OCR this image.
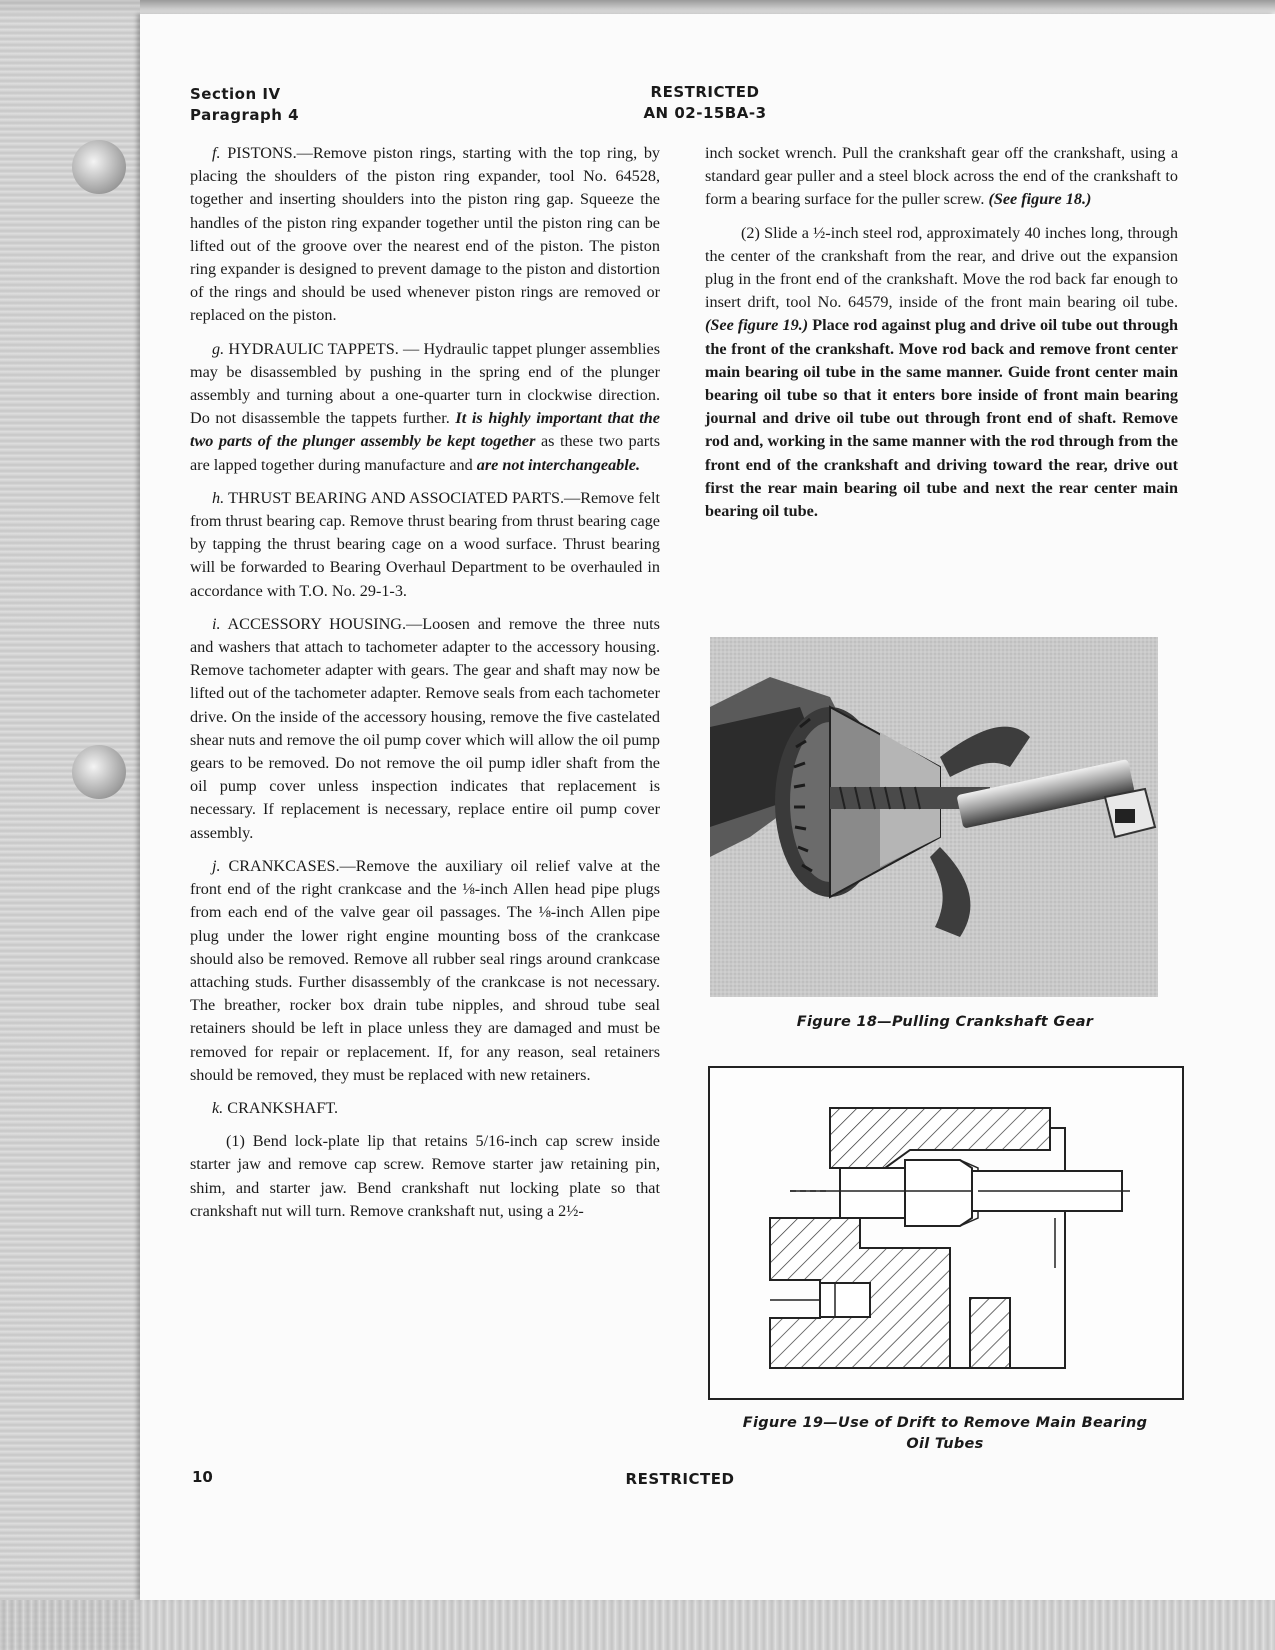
Section IV
Paragraph 4
RESTRICTED
AN 02-15BA-3

f. PISTONS.—Remove piston rings, starting with the top ring, by placing the shoulders of the piston ring expander, tool No. 64528, together and inserting shoulders into the piston ring gap. Squeeze the handles of the piston ring expander together until the piston ring can be lifted out of the groove over the nearest end of the piston. The piston ring expander is designed to prevent damage to the piston and distortion of the rings and should be used whenever piston rings are removed or replaced on the piston.

g. HYDRAULIC TAPPETS. — Hydraulic tappet plunger assemblies may be disassembled by pushing in the spring end of the plunger assembly and turning about a one-quarter turn in clockwise direction. Do not disassemble the tappets further. It is highly important that the two parts of the plunger assembly be kept together as these two parts are lapped together during manufacture and are not interchangeable.

h. THRUST BEARING AND ASSOCIATED PARTS.—Remove felt from thrust bearing cap. Remove thrust bearing from thrust bearing cage by tapping the thrust bearing cage on a wood surface. Thrust bearing will be forwarded to Bearing Overhaul Department to be overhauled in accordance with T.O. No. 29-1-3.

i. ACCESSORY HOUSING.—Loosen and remove the three nuts and washers that attach to tachometer adapter to the accessory housing. Remove tachometer adapter with gears. The gear and shaft may now be lifted out of the tachometer adapter. Remove seals from each tachometer drive. On the inside of the accessory housing, remove the five castelated shear nuts and remove the oil pump cover which will allow the oil pump gears to be removed. Do not remove the oil pump idler shaft from the oil pump cover unless inspection indicates that replacement is necessary. If replacement is necessary, replace entire oil pump cover assembly.

j. CRANKCASES.—Remove the auxiliary oil relief valve at the front end of the right crankcase and the ⅛-inch Allen head pipe plugs from each end of the valve gear oil passages. The ⅛-inch Allen pipe plug under the lower right engine mounting boss of the crankcase should also be removed. Remove all rubber seal rings around crankcase attaching studs. Further disassembly of the crankcase is not necessary. The breather, rocker box drain tube nipples, and shroud tube seal retainers should be left in place unless they are damaged and must be removed for repair or replacement. If, for any reason, seal retainers should be removed, they must be replaced with new retainers.

k. CRANKSHAFT.

(1) Bend lock-plate lip that retains 5/16-inch cap screw inside starter jaw and remove cap screw. Remove starter jaw retaining pin, shim, and starter jaw. Bend crankshaft nut locking plate so that crankshaft nut will turn. Remove crankshaft nut, using a 2½-

inch socket wrench. Pull the crankshaft gear off the crankshaft, using a standard gear puller and a steel block across the end of the crankshaft to form a bearing surface for the puller screw. (See figure 18.)

(2) Slide a ½-inch steel rod, approximately 40 inches long, through the center of the crankshaft from the rear, and drive out the expansion plug in the front end of the crankshaft. Move the rod back far enough to insert drift, tool No. 64579, inside of the front main bearing oil tube. (See figure 19.) Place rod against plug and drive oil tube out through the front of the crankshaft. Move rod back and remove front center main bearing oil tube in the same manner. Guide front center main bearing oil tube so that it enters bore inside of front main bearing journal and drive oil tube out through front end of shaft. Remove rod and, working in the same manner with the rod through from the front end of the crankshaft and driving toward the rear, drive out first the rear main bearing oil tube and next the rear center main bearing oil tube.

Figure 18—Pulling Crankshaft Gear
Figure 19—Use of Drift to Remove Main Bearing
Oil Tubes
10	RESTRICTED
